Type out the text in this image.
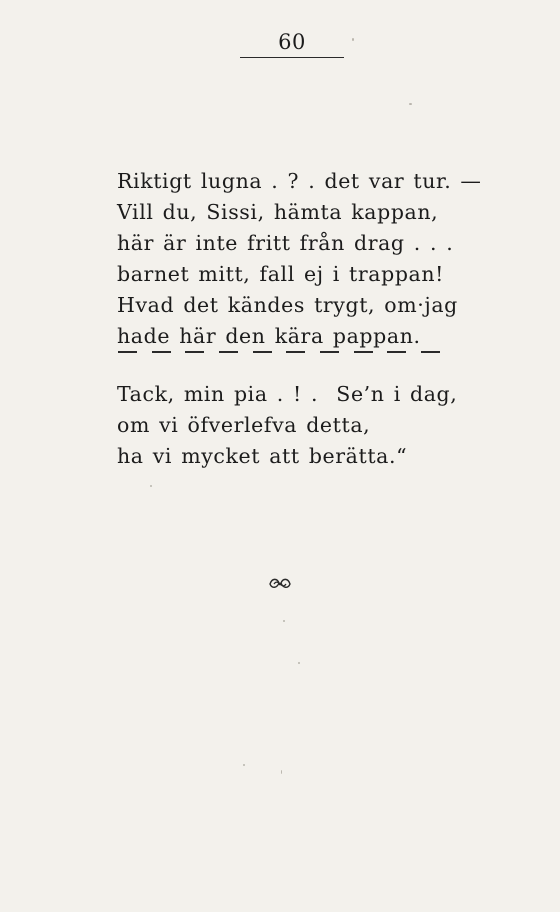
60
Riktigt lugna . ? . det var tur. —
Vill du, Sissi, hämta kappan,
här är inte fritt från drag . . .
barnet mitt, fall ej i trappan!
Hvad det kändes trygt, om·jag
hade här den kära pappan.
Tack, min pia . ! .  Se’n i dag,
om vi öfverlefva detta,
ha vi mycket att berätta.“
